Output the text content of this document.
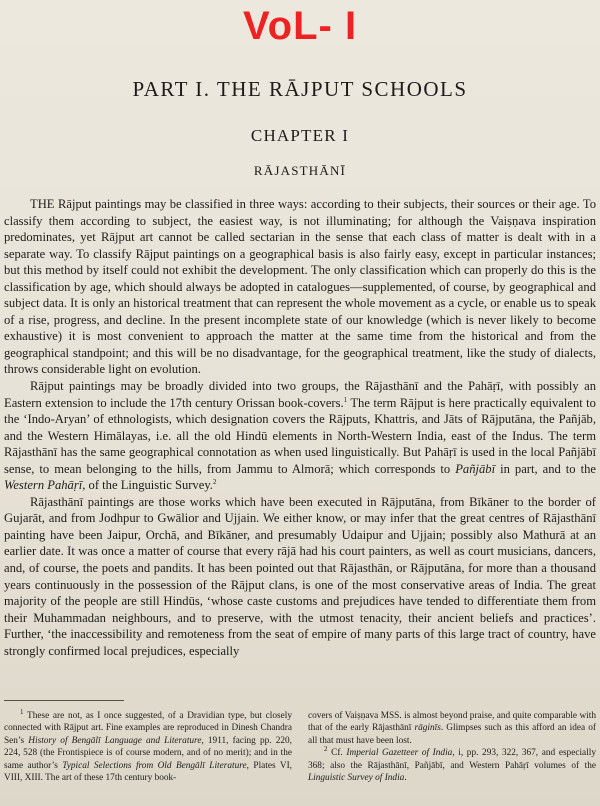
VoL- I
PART I. THE RĀJPUT SCHOOLS
CHAPTER I
RĀJASTHĀNĪ

THE Rājput paintings may be classified in three ways: according to their subjects, their sources or their age. To classify them according to subject, the easiest way, is not illuminating; for although the Vaiṣṇava inspiration predominates, yet Rājput art cannot be called sectarian in the sense that each class of matter is dealt with in a separate way. To classify Rājput paintings on a geographical basis is also fairly easy, except in particular instances; but this method by itself could not exhibit the development. The only classification which can properly do this is the classification by age, which should always be adopted in catalogues—supplemented, of course, by geographical and subject data. It is only an historical treatment that can represent the whole movement as a cycle, or enable us to speak of a rise, progress, and decline. In the present incomplete state of our knowledge (which is never likely to become exhaustive) it is most convenient to approach the matter at the same time from the historical and from the geographical standpoint; and this will be no disadvantage, for the geographical treatment, like the study of dialects, throws considerable light on evolution.

Rājput paintings may be broadly divided into two groups, the Rājasthānī and the Pahāṛī, with possibly an Eastern extension to include the 17th century Orissan book-covers.$^1$ The term Rājput is here practically equivalent to the ‘Indo-Aryan’ of ethnologists, which designation covers the Rājputs, Khattris, and Jāts of Rājputāna, the Pañjāb, and the Western Himālayas, i.e. all the old Hindū elements in North-Western India, east of the Indus. The term Rājasthānī has the same geographical connotation as when used linguistically. But Pahāṛī is used in the local Pañjābī sense, to mean belonging to the hills, from Jammu to Almorā; which corresponds to Pañjābī in part, and to the Western Pahāṛī, of the Linguistic Survey.$^2$

Rājasthānī paintings are those works which have been executed in Rājputāna, from Bīkāner to the border of Gujarāt, and from Jodhpur to Gwālior and Ujjain. We either know, or may infer that the great centres of Rājasthānī painting have been Jaipur, Orchā, and Bīkāner, and presumably Udaipur and Ujjain; possibly also Mathurā at an earlier date. It was once a matter of course that every rājā had his court painters, as well as court musicians, dancers, and, of course, the poets and pandits. It has been pointed out that Rājasthān, or Rājputāna, for more than a thousand years continuously in the possession of the Rājput clans, is one of the most conservative areas of India. The great majority of the people are still Hindūs, ‘whose caste customs and prejudices have tended to differentiate them from their Muhammadan neighbours, and to preserve, with the utmost tenacity, their ancient beliefs and practices’. Further, ‘the inaccessibility and remoteness from the seat of empire of many parts of this large tract of country, have strongly confirmed local prejudices, especially

$^1$ These are not, as I once suggested, of a Dravidian type, but closely connected with Rājput art. Fine examples are reproduced in Dinesh Chandra Sen’s History of Bengālī Language and Literature, 1911, facing pp. 220, 224, 528 (the Frontispiece is of course modern, and of no merit); and in the same author’s Typical Selections from Old Bengālī Literature, Plates VI, VIII, XIII. The art of these 17th century book-

covers of Vaiṣṇava MSS. is almost beyond praise, and quite comparable with that of the early Rājasthānī rāginīs. Glimpses such as this afford an idea of all that must have been lost.

$^2$ Cf. Imperial Gazetteer of India, i, pp. 293, 322, 367, and especially 368; also the Rājasthānī, Pañjābī, and Western Pahāṛī volumes of the Linguistic Survey of India.
